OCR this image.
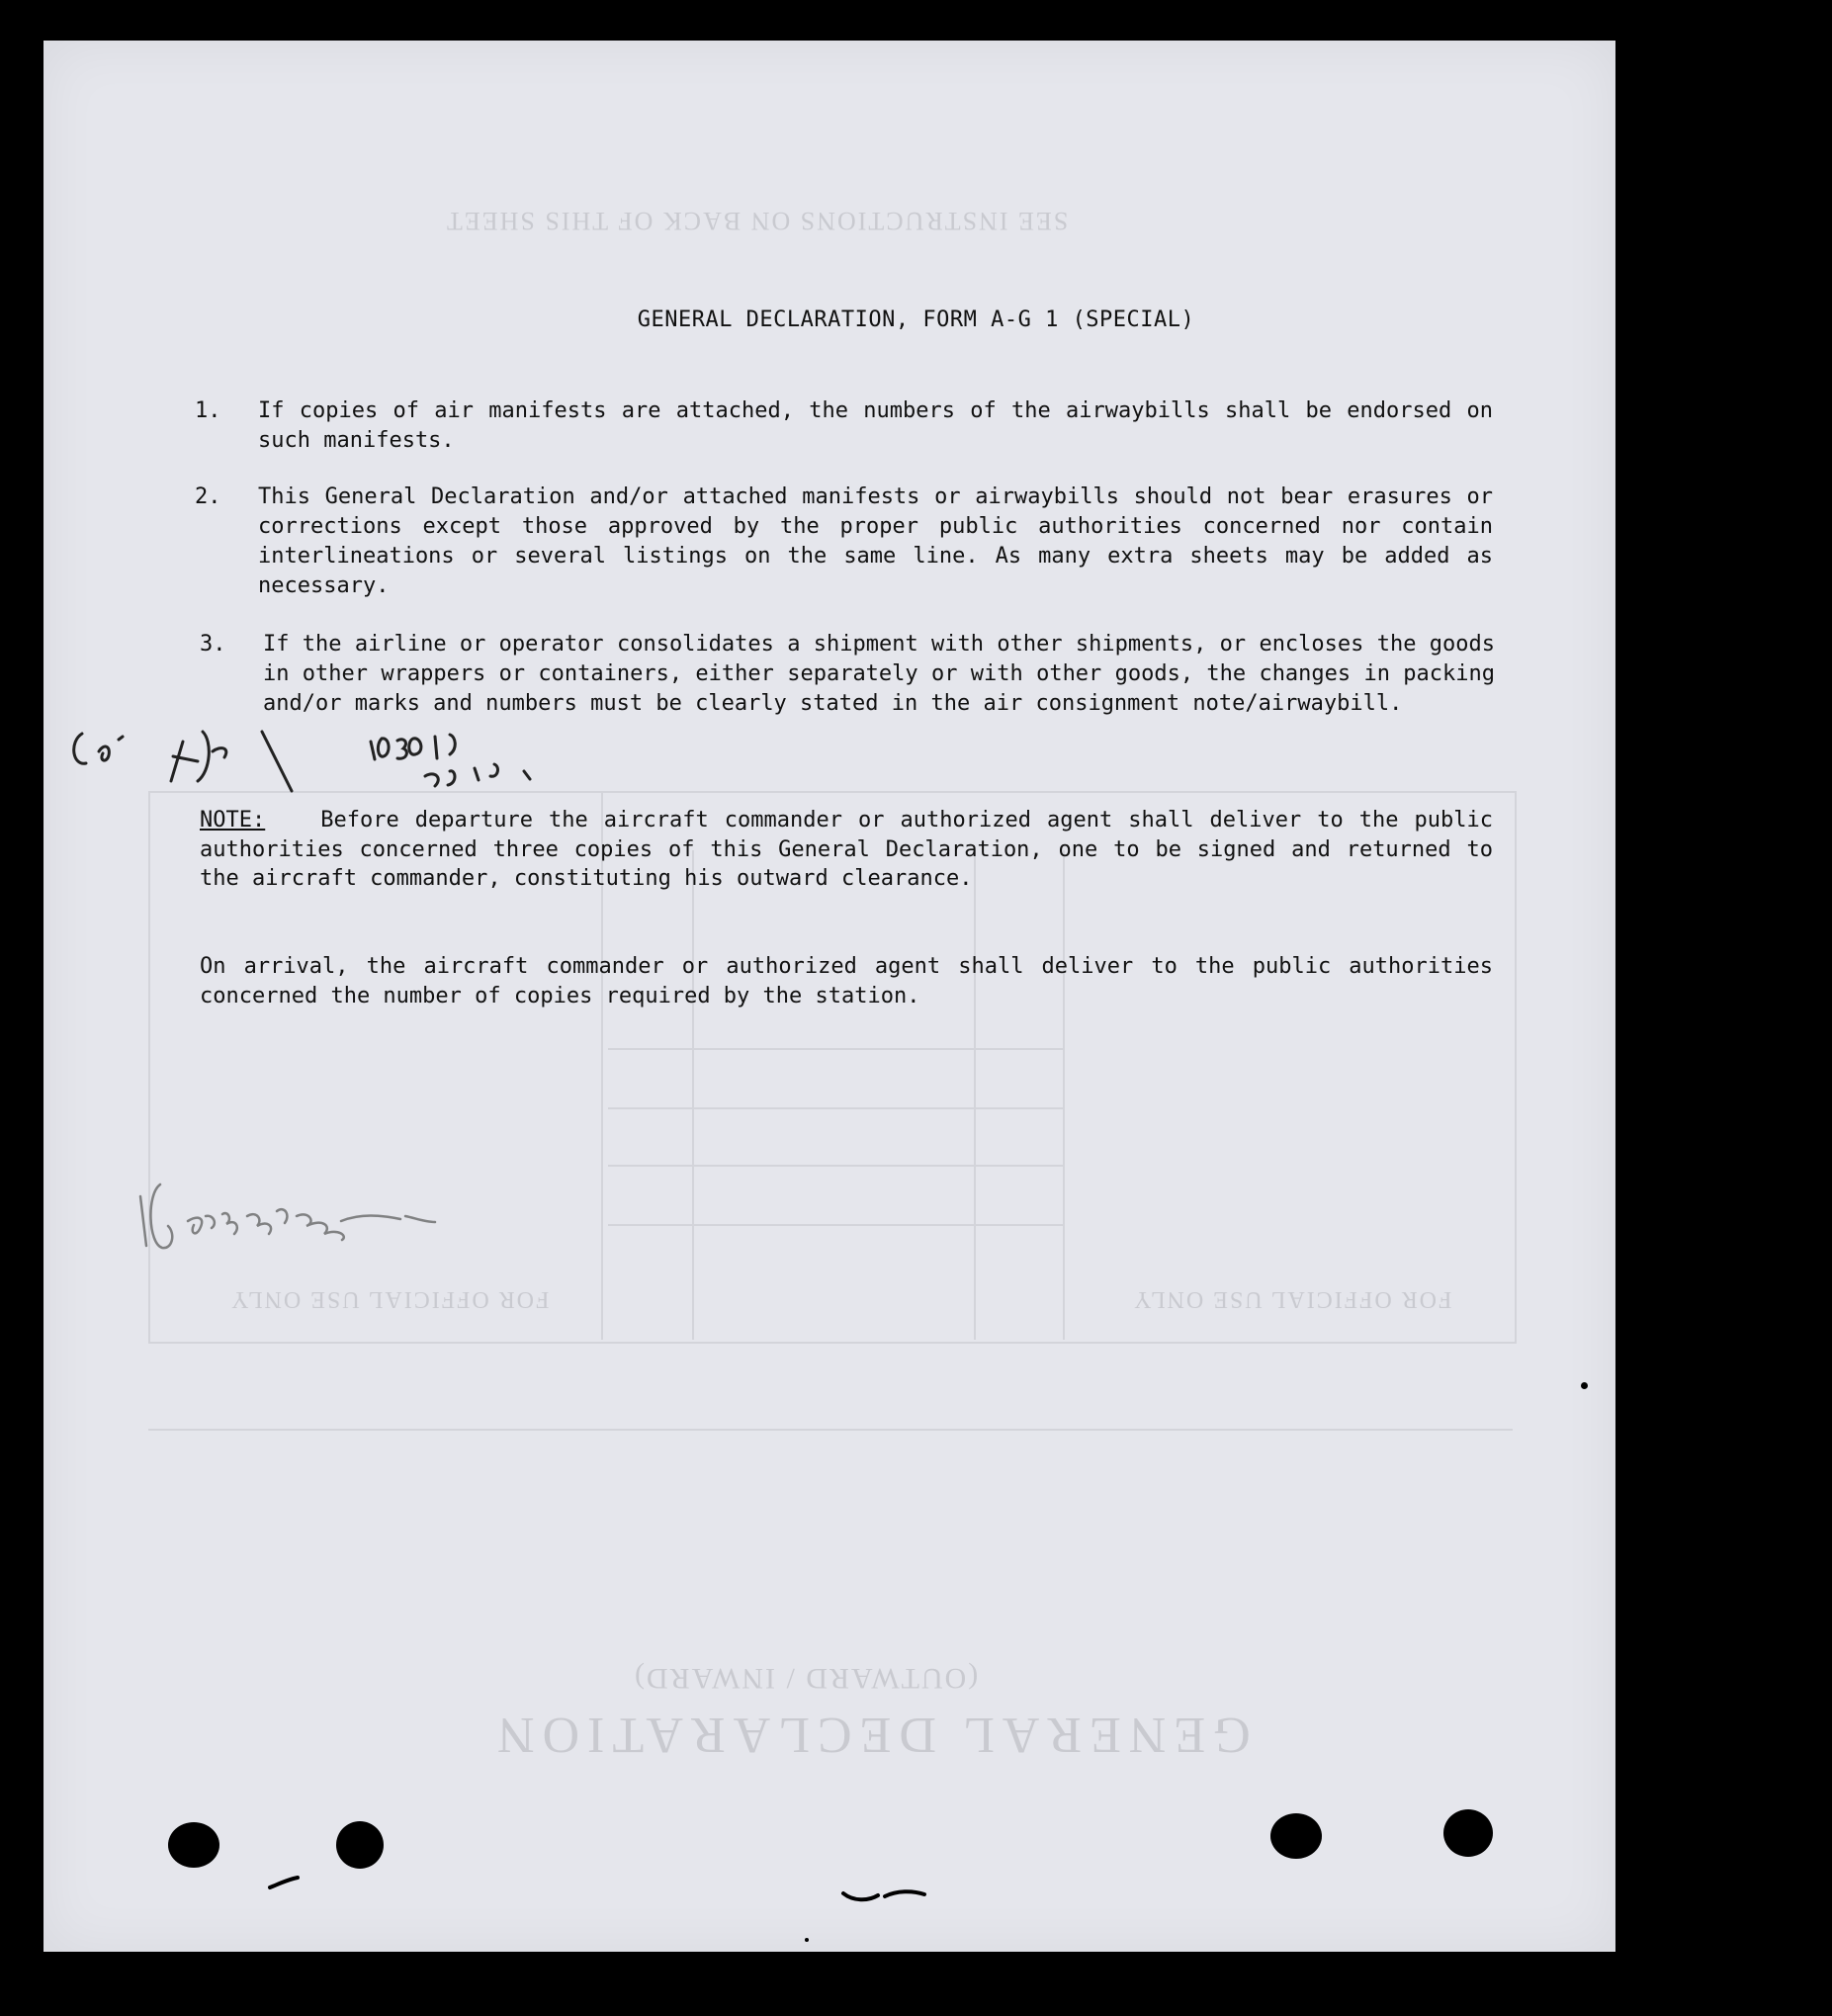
SEE INSTRUCTIONS ON BACK OF THIS SHEET
GENERAL DECLARATION
(OUTWARD / INWARD)
FOR OFFICIAL USE ONLY	FOR OFFICIAL USE ONLY
GENERAL DECLARATION, FORM A-G 1 (SPECIAL)
1. If copies of air manifests are attached, the numbers of the airwaybills shall be endorsed on such manifests.
2. This General Declaration and/or attached manifests or airwaybills should not bear erasures or corrections except those approved by the proper public authorities concerned nor contain interlineations or several listings on the same line. As many extra sheets may be added as necessary.
3. If the airline or operator consolidates a shipment with other shipments, or encloses the goods in other wrappers or containers, either separately or with other goods, the changes in packing and/or marks and numbers must be clearly stated in the air consignment note/airwaybill.
NOTE:	Before departure the aircraft commander or authorized agent shall deliver to the public authorities concerned three copies of this General Declaration, one to be signed and returned to the aircraft commander, constituting his outward clearance.
On arrival, the aircraft commander or authorized agent shall deliver to the public authorities concerned the number of copies required by the station.
